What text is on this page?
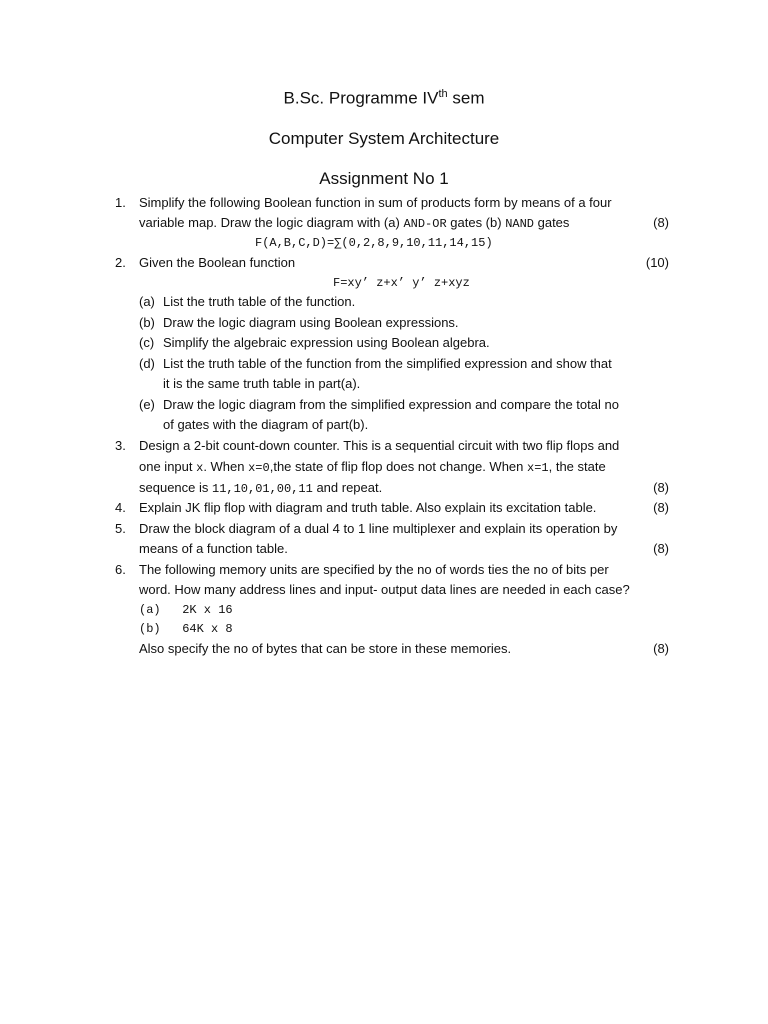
B.Sc. Programme IVth sem
Computer System Architecture
Assignment No 1
1.	Simplify the following Boolean function in sum of products form by means of a four
variable map. Draw the logic diagram with (a) AND-OR gates (b) NAND gates	(8)
F(A,B,C,D)=∑(0,2,8,9,10,11,14,15)
2.	Given the Boolean function	(10)
F=xy’ z+x’ y’ z+xyz
(a) List the truth table of the function.
(b) Draw the logic diagram using Boolean expressions.
(c) Simplify the algebraic expression using Boolean algebra.
(d) List the truth table of the function from the simplified expression and show that
it is the same truth table in part(a).
(e) Draw the logic diagram from the simplified expression and compare the total no
of gates with the diagram of part(b).
3.	Design a 2-bit count-down counter. This is a sequential circuit with two flip flops and
one input x. When x=0,the state of flip flop does not change. When x=1, the state
sequence is 11,10,01,00,11 and repeat.	(8)
4.	Explain JK flip flop with diagram and truth table. Also explain its excitation table.	(8)
5.	Draw the block diagram of a dual 4 to 1 line multiplexer and explain its operation by
means of a function table.	(8)
6.	The following memory units are specified by the no of words ties the no of bits per
word. How many address lines and input- output data lines are needed in each case?
(a)   2K x 16
(b)   64K x 8
Also specify the no of bytes that can be store in these memories.	(8)
